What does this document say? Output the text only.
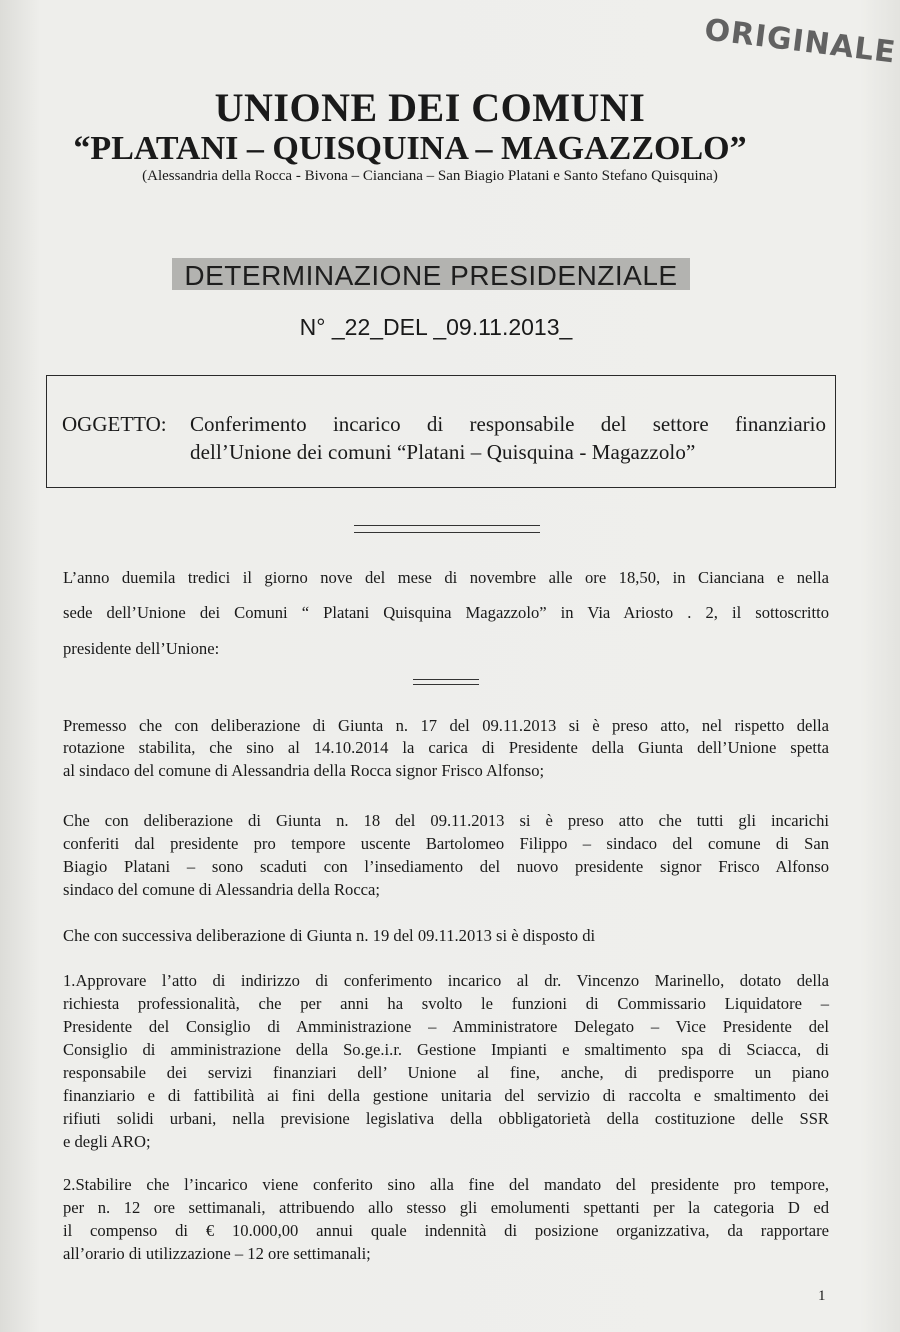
ORIGINALE
UNIONE DEI COMUNI
“PLATANI – QUISQUINA – MAGAZZOLO”
(Alessandria della Rocca - Bivona – Cianciana – San Biagio Platani e Santo Stefano Quisquina)
DETERMINAZIONE PRESIDENZIALE
N° _22_DEL _09.11.2013_
OGGETTO: Conferimento incarico di responsabile del settore finanziario
dell’Unione dei comuni “Platani – Quisquina - Magazzolo”
L’anno duemila tredici il giorno nove del mese di novembre alle ore 18,50, in Cianciana e nella
sede dell’Unione dei Comuni “ Platani Quisquina Magazzolo” in Via Ariosto . 2, il sottoscritto
presidente dell’Unione:
Premesso che con deliberazione di Giunta n. 17 del 09.11.2013 si è preso atto, nel rispetto della
rotazione stabilita, che sino al 14.10.2014 la carica di Presidente della Giunta dell’Unione spetta
al sindaco del comune di Alessandria della Rocca signor Frisco Alfonso;
Che con deliberazione di Giunta n. 18 del 09.11.2013 si è preso atto che tutti gli incarichi
conferiti dal presidente pro tempore uscente Bartolomeo Filippo – sindaco del comune di San
Biagio Platani – sono scaduti con l’insediamento del nuovo presidente signor Frisco Alfonso
sindaco del comune di Alessandria della Rocca;
Che con successiva deliberazione di Giunta n. 19 del 09.11.2013 si è disposto di
1.Approvare l’atto di indirizzo di conferimento incarico al dr. Vincenzo Marinello, dotato della
richiesta professionalità, che per anni ha svolto le funzioni di Commissario Liquidatore –
Presidente del Consiglio di Amministrazione – Amministratore Delegato – Vice Presidente del
Consiglio di amministrazione della So.ge.i.r. Gestione Impianti e smaltimento spa di Sciacca, di
responsabile dei servizi finanziari dell’ Unione al fine, anche, di predisporre un piano
finanziario e di fattibilità ai fini della gestione unitaria del servizio di raccolta e smaltimento dei
rifiuti solidi urbani, nella previsione legislativa della obbligatorietà della costituzione delle SSR
e degli ARO;
2.Stabilire che l’incarico viene conferito sino alla fine del mandato del presidente pro tempore,
per n. 12 ore settimanali, attribuendo allo stesso gli emolumenti spettanti per la categoria D ed
il compenso di € 10.000,00 annui quale indennità di posizione organizzativa, da rapportare
all’orario di utilizzazione – 12 ore settimanali;
1
